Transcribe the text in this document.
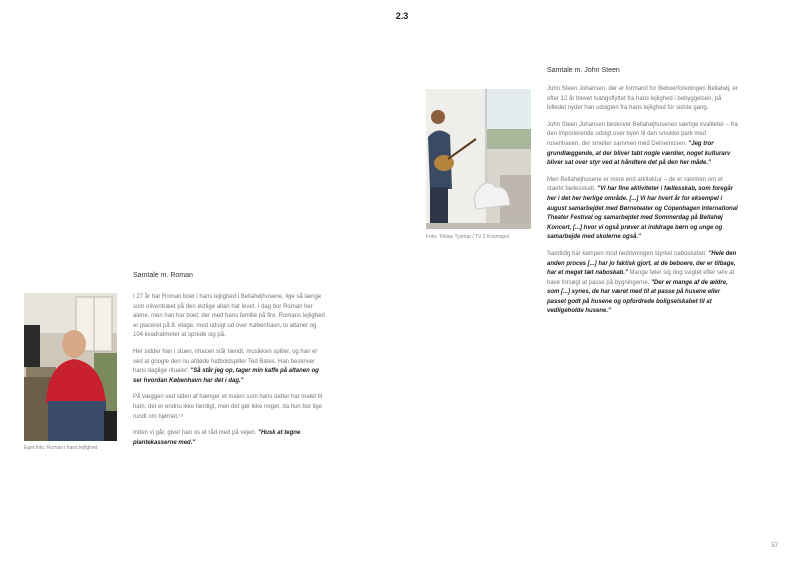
2.3
Eget foto. Roman i hans lejlighed
Samtale m. Roman

I 27 år har Roman boet i hans lejlighed i Bellahøjhusene, lige så længe som oliventræet på den østlige altan har levet. I dag bor Roman her alene, men han har boet, der med hans familie på fire. Romans lejlighed er placeret på 8. etage, med udsigt ud over København, to altaner og 104 kvadratmeter at sprede sig på.

Her sidder han i stuen, imacen står tændt, musikken spiller, og han er ved at google den nu afdøde fodboldspiller Ted Bates. Han beskriver hans daglige ritualer: "Så står jeg op, tager min kaffe på altanen og ser hvordan København har det i dag."

På væggen ved siden af hænger et maleri som hans datter har malet til ham, det er endnu ikke færdigt, men det gør ikke noget, da hun bor lige rundt om hjørnet.¹⁵

Inden vi går, giver han os et råd med på vejen. "Husk at tegne plantekasserne med."

Foto: Tobias Tystrup / TV 2 Kosmopol
Samtale m. John Steen

John Steen Johansen, der er formand for Beboerforeningen Bellahøj, er efter 12 år blevet tvangsflyttet fra hans lejlighed i bebyggelsen, på billedet nyder han udsigten fra hans lejlighed for sidste gang.

John Steen Johansen beskriver Bellahøjhusenes særlige kvaliteter – fra den imponerende udsigt over byen til den smukke park med rosenhaven, der smelter sammen med Deinemosen. "Jeg tror grundlæggende, at der bliver tabt nogle værdier, noget kulturarv bliver sat over styr ved at håndtere det på den her måde."

Men Bellahøjhusene er mere end arkitektur – de er rammen om et stærkt fællesskab. "Vi har fine aktiviteter i fællesskab, som foregår her i det her herlige område. [...] Vi har hvert år for eksempel i august samarbejdet med Børneteater og Copenhagen International Theater Festival og samarbejdet med Sommerdag på Bellahøj Koncert, [...] hvor vi også prøver at inddrage børn og unge og samarbejde med skolerne også."

Samtidig har kampen mod nedrivningen styrket naboskabet. "Hele den anden proces [...] har jo faktisk gjort, at de beboere, der er tilbage, har et meget tæt naboskab." Mange føler sig dog svigtet efter selv at have forsøgt at passe på bygningerne. "Der er mange af de ældre, som [...] synes, de har været med til at passe på husene eller passet godt på husene og opfordrede boligselskabet til at vedligeholde husene."

57
